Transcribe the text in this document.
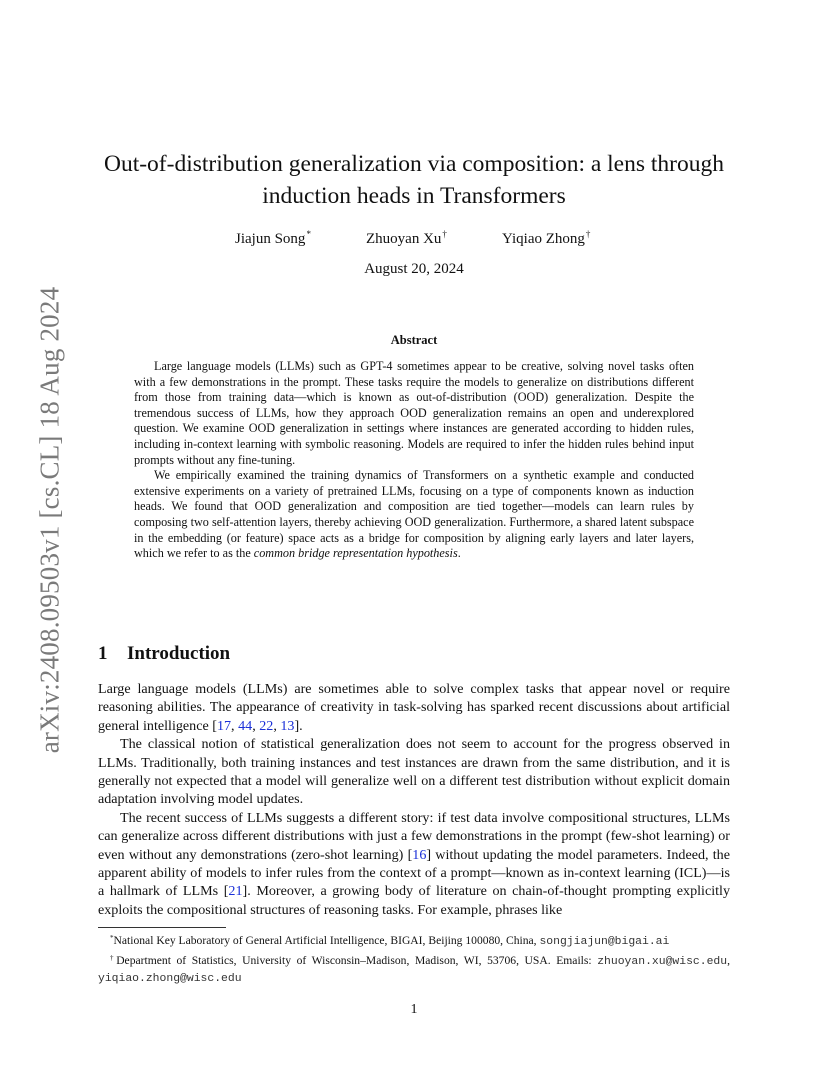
arXiv:2408.09503v1 [cs.CL] 18 Aug 2024
Out-of-distribution generalization via composition: a lens through induction heads in Transformers
Jiajun Song*	Zhuoyan Xu†	Yiqiao Zhong†
August 20, 2024
Abstract

Large language models (LLMs) such as GPT-4 sometimes appear to be creative, solving novel tasks often with a few demonstrations in the prompt. These tasks require the models to generalize on distributions different from those from training data—which is known as out-of-distribution (OOD) generalization. Despite the tremendous success of LLMs, how they approach OOD generalization remains an open and underexplored question. We examine OOD generalization in settings where instances are generated according to hidden rules, including in-context learning with symbolic reasoning. Models are required to infer the hidden rules behind input prompts without any fine-tuning.

We empirically examined the training dynamics of Transformers on a synthetic example and conducted extensive experiments on a variety of pretrained LLMs, focusing on a type of components known as induction heads. We found that OOD generalization and composition are tied together—models can learn rules by composing two self-attention layers, thereby achieving OOD generalization. Furthermore, a shared latent subspace in the embedding (or feature) space acts as a bridge for composition by aligning early layers and later layers, which we refer to as the common bridge representation hypothesis.

1 Introduction

Large language models (LLMs) are sometimes able to solve complex tasks that appear novel or require reasoning abilities. The appearance of creativity in task-solving has sparked recent discussions about artificial general intelligence [17, 44, 22, 13].

The classical notion of statistical generalization does not seem to account for the progress observed in LLMs. Traditionally, both training instances and test instances are drawn from the same distribution, and it is generally not expected that a model will generalize well on a different test distribution without explicit domain adaptation involving model updates.

The recent success of LLMs suggests a different story: if test data involve compositional structures, LLMs can generalize across different distributions with just a few demonstrations in the prompt (few-shot learning) or even without any demonstrations (zero-shot learning) [16] without updating the model parameters. Indeed, the apparent ability of models to infer rules from the context of a prompt—known as in-context learning (ICL)—is a hallmark of LLMs [21]. Moreover, a growing body of literature on chain-of-thought prompting explicitly exploits the compositional structures of reasoning tasks. For example, phrases like

*National Key Laboratory of General Artificial Intelligence, BIGAI, Beijing 100080, China, songjiajun@bigai.ai

†Department of Statistics, University of Wisconsin–Madison, Madison, WI, 53706, USA. Emails: zhuoyan.xu@wisc.edu, yiqiao.zhong@wisc.edu

1
